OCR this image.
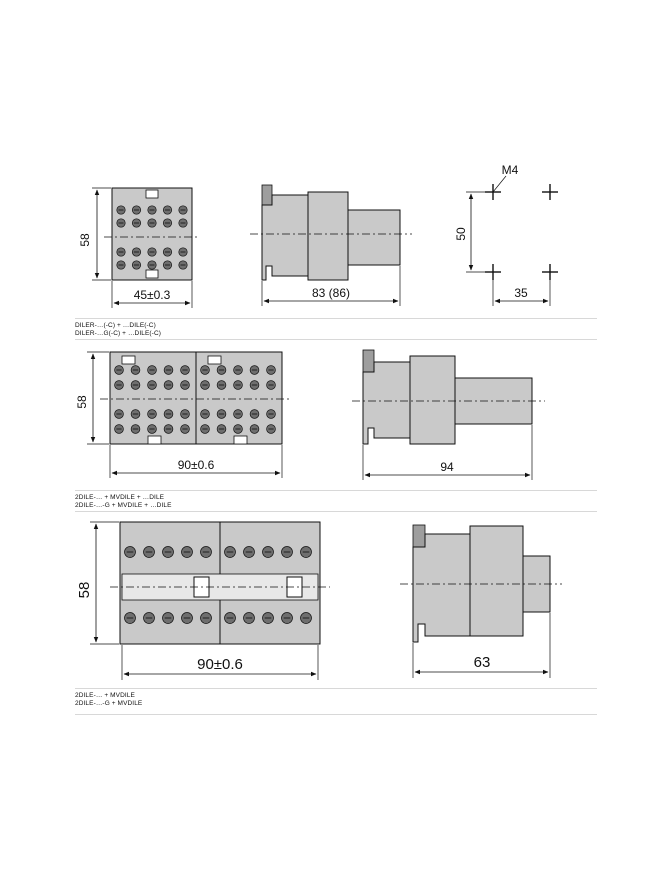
58
45±0.3	83 (86)
M4
50
35
58
90±0.6	94
58
90±0.6	63
DILER-…(-C) + …DILE(-C)
DILER-…G(-C) + …DILE(-C)
2DILE-… + MVDILE + …DILE
2DILE-…-G + MVDILE + …DILE
2DILE-… + MVDILE
2DILE-…-G + MVDILE
